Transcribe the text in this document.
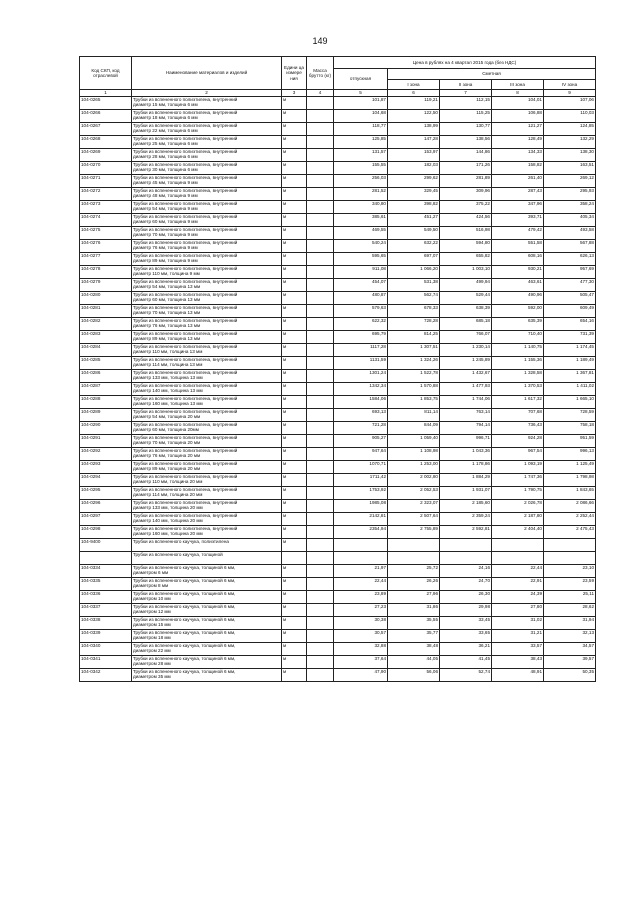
149
Код СКП, код отраслевой	Наименование материалов и изделий	Едини ца измере ния	Масса брутто (кг)	Цена в рублях на 4 квартал 2015 года (без НДС)				
				отпускная	Сметная			
					I зона	II зона	III зона	IV зона
1	2	3	4	5	6	7	8	9
104-0265	Трубки из вспененного полиэтилена, внутренний
диаметр 15 мм, толщина 6 мм	м		101,87	119,21	112,15	104,01	107,06
104-0266	Трубки из вспененного полиэтилена, внутренний
диаметр 18 мм, толщина 6 мм	м		104,68	122,50	115,25	106,88	110,03
104-0267	Трубки из вспененного полиэтилена, внутренний
диаметр 22 мм, толщина 6 мм	м		118,77	138,99	130,77	121,27	124,85
104-0268	Трубки из вспененного полиэтилена, внутренний
диаметр 25 мм, толщина 6 мм	м		125,85	147,28	138,56	128,49	132,29
104-0269	Трубки из вспененного полиэтилена, внутренний
диаметр 28 мм, толщина 6 мм	м		131,57	153,97	144,86	134,33	138,30
104-0270	Трубки из вспененного полиэтилена, внутренний
диаметр 30 мм, толщина 6 мм	м		155,55	182,03	171,26	158,82	163,51
104-0271	Трубки из вспененного полиэтилена, внутренний
диаметр 45 мм, толщина 9 мм	м		256,03	299,62	281,89	261,40	269,12
104-0272	Трубки из вспененного полиэтилена, внутренний
диаметр 48 мм, толщина 9 мм	м		281,52	329,45	309,96	287,43	295,93
104-0273	Трубки из вспененного полиэтилена, внутренний
диаметр 54 мм, толщина 9 мм	м		340,80	398,82	375,22	347,96	358,24
104-0274	Трубки из вспененного полиэтилена, внутренний
диаметр 60 мм, толщина 9 мм	м		385,61	451,27	424,56	393,71	405,34
104-0275	Трубки из вспененного полиэтилена, внутренний
диаметр 70 мм, толщина 9 мм	м		469,55	549,50	516,98	479,42	493,58
104-0276	Трубки из вспененного полиэтилена, внутренний
диаметр 76 мм, толщина 9 мм	м		540,24	632,22	594,80	551,58	567,88
104-0277	Трубки из вспененного полиэтилена, внутренний
диаметр 89 мм, толщина 9 мм	м		595,65	697,07	655,82	608,16	626,13
104-0278	Трубки из вспененного полиэтилена, внутренний
диаметр 110 мм, толщина 9 мм	м		911,08	1 066,20	1 003,10	930,21	957,69
104-0279	Трубки из вспененного полиэтилена, внутренний
диаметр 54 мм, толщина 13 мм	м		454,07	531,38	499,94	463,61	477,30
104-0280	Трубки из вспененного полиэтилена, внутренний
диаметр 60 мм, толщина 13 мм	м		480,87	562,74	529,44	490,96	505,47
104-0281	Трубки из вспененного полиэтилена, внутренний
диаметр 70 мм, толщина 13 мм	м		579,63	678,33	638,39	592,00	609,49
104-0282	Трубки из вспененного полиэтилена, внутренний
диаметр 76 мм, толщина 13 мм	м		622,32	728,28	685,18	635,39	654,16
104-0283	Трубки из вспененного полиэтилена, внутренний
диаметр 89 мм, толщина 13 мм	м		695,79	814,25	766,07	710,40	731,39
104-0284	Трубки из вспененного полиэтилена, внутренний
диаметр 110 мм, толщина 13 мм	м		1117,28	1 307,51	1 230,14	1 140,75	1 174,45
104-0285	Трубки из вспененного полиэтилена, внутренний
диаметр 114 мм, толщина 13 мм	м		1131,59	1 324,26	1 245,89	1 155,36	1 189,49
104-0286	Трубки из вспененного полиэтилена, внутренний
диаметр 133 мм, толщина 13 мм	м		1301,24	1 522,78	1 432,67	1 328,58	1 367,81
104-0287	Трубки из вспененного полиэтилена, внутренний
диаметр 140 мм, толщина 13 мм	м		1342,34	1 570,88	1 477,93	1 370,53	1 411,02
104-0288	Трубки из вспененного полиэтилена, внутренний
диаметр 160 мм, толщина 13 мм	м		1584,06	1 853,75	1 744,06	1 617,32	1 665,10
104-0289	Трубки из вспененного полиэтилена, внутренний
диаметр 54 мм, толщина 20 мм	м		693,13	811,14	763,14	707,68	728,59
104-0290	Трубки из вспененного полиэтилена, внутренний
диаметр 60 мм, толщина 20мм	м		721,28	844,09	794,14	736,43	758,18
104-0291	Трубки из вспененного полиэтилена, внутренний
диаметр 70 мм, толщина 20 мм	м		905,27	1 059,40	996,71	924,28	951,59
104-0292	Трубки из вспененного полиэтилена, внутренний
диаметр 76 мм, толщина 20 мм	м		947,64	1 108,98	1 043,36	967,54	996,13
104-0293	Трубки из вспененного полиэтилена, внутренний
диаметр 89 мм, толщина 20 мм	м		1070,71	1 253,00	1 178,86	1 093,19	1 125,49
104-0294	Трубки из вспененного полиэтилена, внутренний
диаметр 110 мм, толщина 20 мм	м		1711,42	2 002,80	1 884,29	1 747,36	1 798,98
104-0295	Трубки из вспененного полиэтилена, внутренний
диаметр 114 мм, толщина 20 мм	м		1753,92	2 052,53	1 931,07	1 790,75	1 843,65
104-0296	Трубки из вспененного полиэтилена, внутренний
диаметр 133 мм, толщина 20 мм	м		1985,08	2 323,07	2 185,60	2 026,78	2 086,66
104-0297	Трубки из вспененного полиэтилена, внутренний
диаметр 140 мм, толщина 20 мм	м		2142,81	2 507,64	2 359,24	2 187,80	2 252,44
104-0298	Трубки из вспененного полиэтилена, внутренний
диаметр 160 мм, толщина 20 мм	м		2354,94	2 755,89	2 592,81	2 404,40	2 475,43
104-9400	Трубки из вспененного каучука, полиэтилена	м						

	Трубки из вспененного каучука, толщиной							

104-0334	Трубки из вспененного каучука, толщиной 6 мм,
диаметром 6 мм	м		21,97	25,72	24,16	22,44	23,10
104-0335	Трубки из вспененного каучука, толщиной 6 мм,
диаметром 8 мм	м		22,44	26,26	24,70	22,91	23,59
104-0336	Трубки из вспененного каучука, толщиной 6 мм,
диаметром 10 мм	м		23,89	27,96	26,30	24,39	25,11
104-0337	Трубки из вспененного каучука, толщиной 6 мм,
диаметром 12 мм	м		27,23	31,86	29,98	27,80	28,62
104-0338	Трубки из вспененного каучука, толщиной 6 мм,
диаметром 15 мм	м		30,38	35,55	33,45	31,02	31,94
104-0339	Трубки из вспененного каучука, толщиной 6 мм,
диаметром 18 мм	м		30,57	35,77	33,65	31,21	32,13
104-0340	Трубки из вспененного каучука, толщиной 6 мм,
диаметром 22 мм	м		32,88	38,48	36,21	33,57	34,57
104-0341	Трубки из вспененного каучука, толщиной 6 мм,
диаметром 28 мм	м		37,64	44,05	41,45	38,43	39,57
104-0342	Трубки из вспененного каучука, толщиной 6 мм,
диаметром 35 мм	м		47,90	56,06	52,74	48,91	50,35
